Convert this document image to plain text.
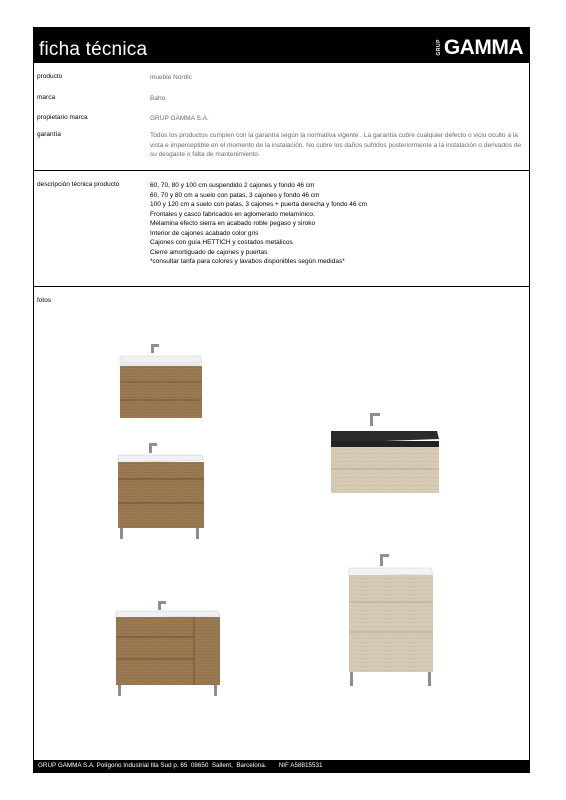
ficha técnica	GRUP GAMMA
producto	mueble Nordic
marca	Baho
propietario marca	GRUP GAMMA S.A.
garantía	Todos los productos cumplen con la garantía según la normativa vigente . La garantía cubre cualquier defecto o vicio oculto a la vista e imperceptible en el momento de la instalación. No cubre los daños sufridos posteriormente a la instalación o derivados de su desgaste o falta de mantenimiento.
descripción técnica producto	60, 70, 80 y 100 cm suspendido 2 cajones y fondo 46 cm
60, 70 y 80 cm a suelo con patas, 3 cajones y fondo 46 cm
100 y 120 cm a suelo con patas, 3 cajones + puerta derecha y fondo 46 cm
Frontales y casco fabricados en aglomerado melamínico.
Melamina efecto sierra en acabado roble pegaso y siroko
Interior de cajones acabado color gris
Cajones con guía HETTICH y costados metálicos
Cierre amortiguado de cajones y puertas
*consultar tarifa para colores y lavabos disponibles según medidas*
fotos
GRUP GAMMA S.A. Polígono Industrial Illa Sud p. 65  08650  Sallent,  Barcelona.       NIF A58815531
